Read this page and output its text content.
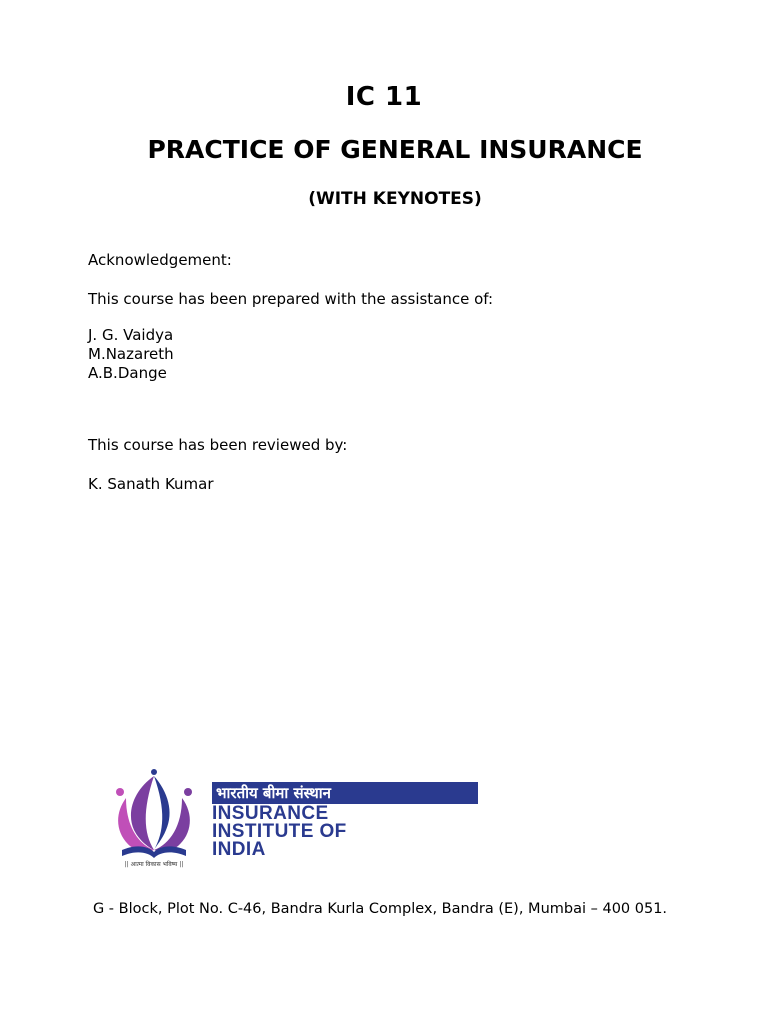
IC 11
PRACTICE OF GENERAL INSURANCE
(WITH KEYNOTES)
Acknowledgement:
This course has been prepared with the assistance of:
J. G. Vaidya
M.Nazareth
A.B.Dange
This course has been reviewed by:
K. Sanath Kumar
|| आत्मा विकास भविष्य ||
भारतीय बीमा संस्थान
INSURANCE
INSTITUTE OF
INDIA
G - Block, Plot No. C-46, Bandra Kurla Complex, Bandra (E), Mumbai – 400 051.
